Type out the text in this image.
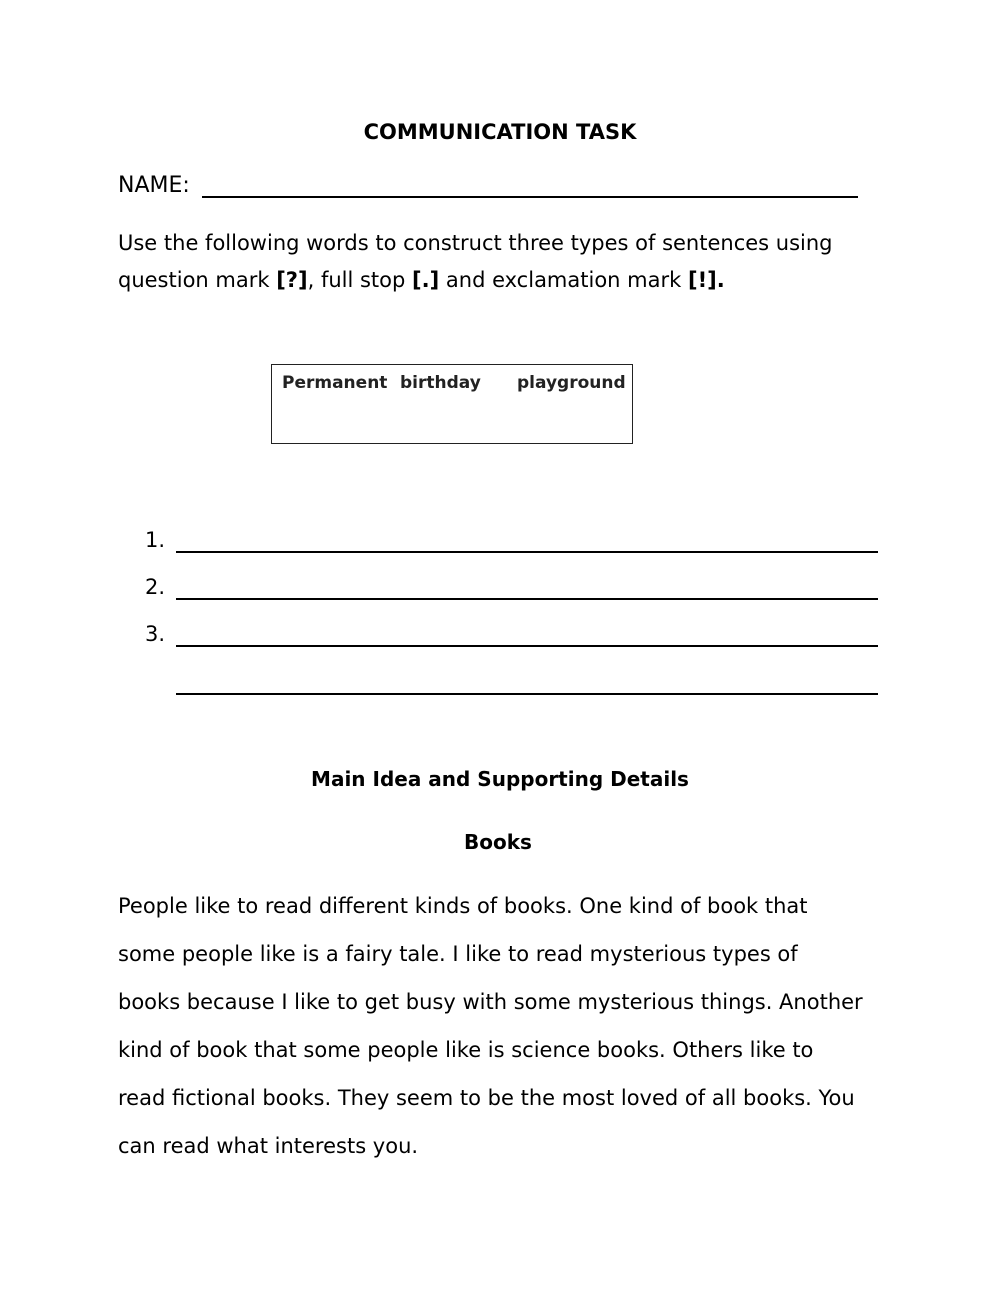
COMMUNICATION TASK
NAME:
Use the following words to construct three types of sentences using
question mark [?], full stop [.] and exclamation mark [!].
Permanent birthday playground
1.
2.
3.
Main Idea and Supporting Details
Books
People like to read different kinds of books. One kind of book that
some people like is a fairy tale. I like to read mysterious types of
books because I like to get busy with some mysterious things. Another
kind of book that some people like is science books. Others like to
read fictional books. They seem to be the most loved of all books. You
can read what interests you.
